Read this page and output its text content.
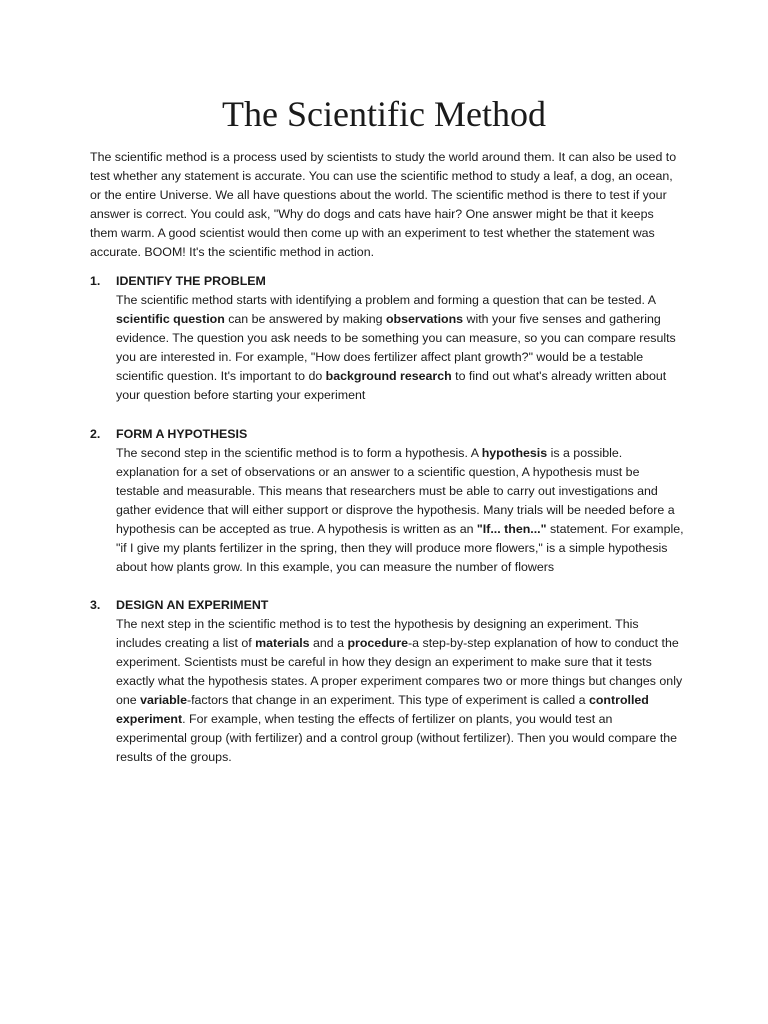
The Scientific Method

The scientific method is a process used by scientists to study the world around them. It can also be used to test whether any statement is accurate. You can use the scientific method to study a leaf, a dog, an ocean, or the entire Universe. We all have questions about the world. The scientific method is there to test if your answer is correct. You could ask, "Why do dogs and cats have hair? One answer might be that it keeps them warm. A good scientist would then come up with an experiment to test whether the statement was accurate. BOOM! It's the scientific method in action.

1. IDENTIFY THE PROBLEM

The scientific method starts with identifying a problem and forming a question that can be tested. A scientific question can be answered by making observations with your five senses and gathering evidence. The question you ask needs to be something you can measure, so you can compare results you are interested in. For example, "How does fertilizer affect plant growth?" would be a testable scientific question. It's important to do background research to find out what's already written about your question before starting your experiment

2. FORM A HYPOTHESIS

The second step in the scientific method is to form a hypothesis. A hypothesis is a possible. explanation for a set of observations or an answer to a scientific question, A hypothesis must be testable and measurable. This means that researchers must be able to carry out investigations and gather evidence that will either support or disprove the hypothesis. Many trials will be needed before a hypothesis can be accepted as true. A hypothesis is written as an "If... then..." statement. For example, "if I give my plants fertilizer in the spring, then they will produce more flowers," is a simple hypothesis about how plants grow. In this example, you can measure the number of flowers

3. DESIGN AN EXPERIMENT

The next step in the scientific method is to test the hypothesis by designing an experiment. This includes creating a list of materials and a procedure-a step-by-step explanation of how to conduct the experiment. Scientists must be careful in how they design an experiment to make sure that it tests exactly what the hypothesis states. A proper experiment compares two or more things but changes only one variable-factors that change in an experiment. This type of experiment is called a controlled experiment. For example, when testing the effects of fertilizer on plants, you would test an experimental group (with fertilizer) and a control group (without fertilizer). Then you would compare the results of the groups.
